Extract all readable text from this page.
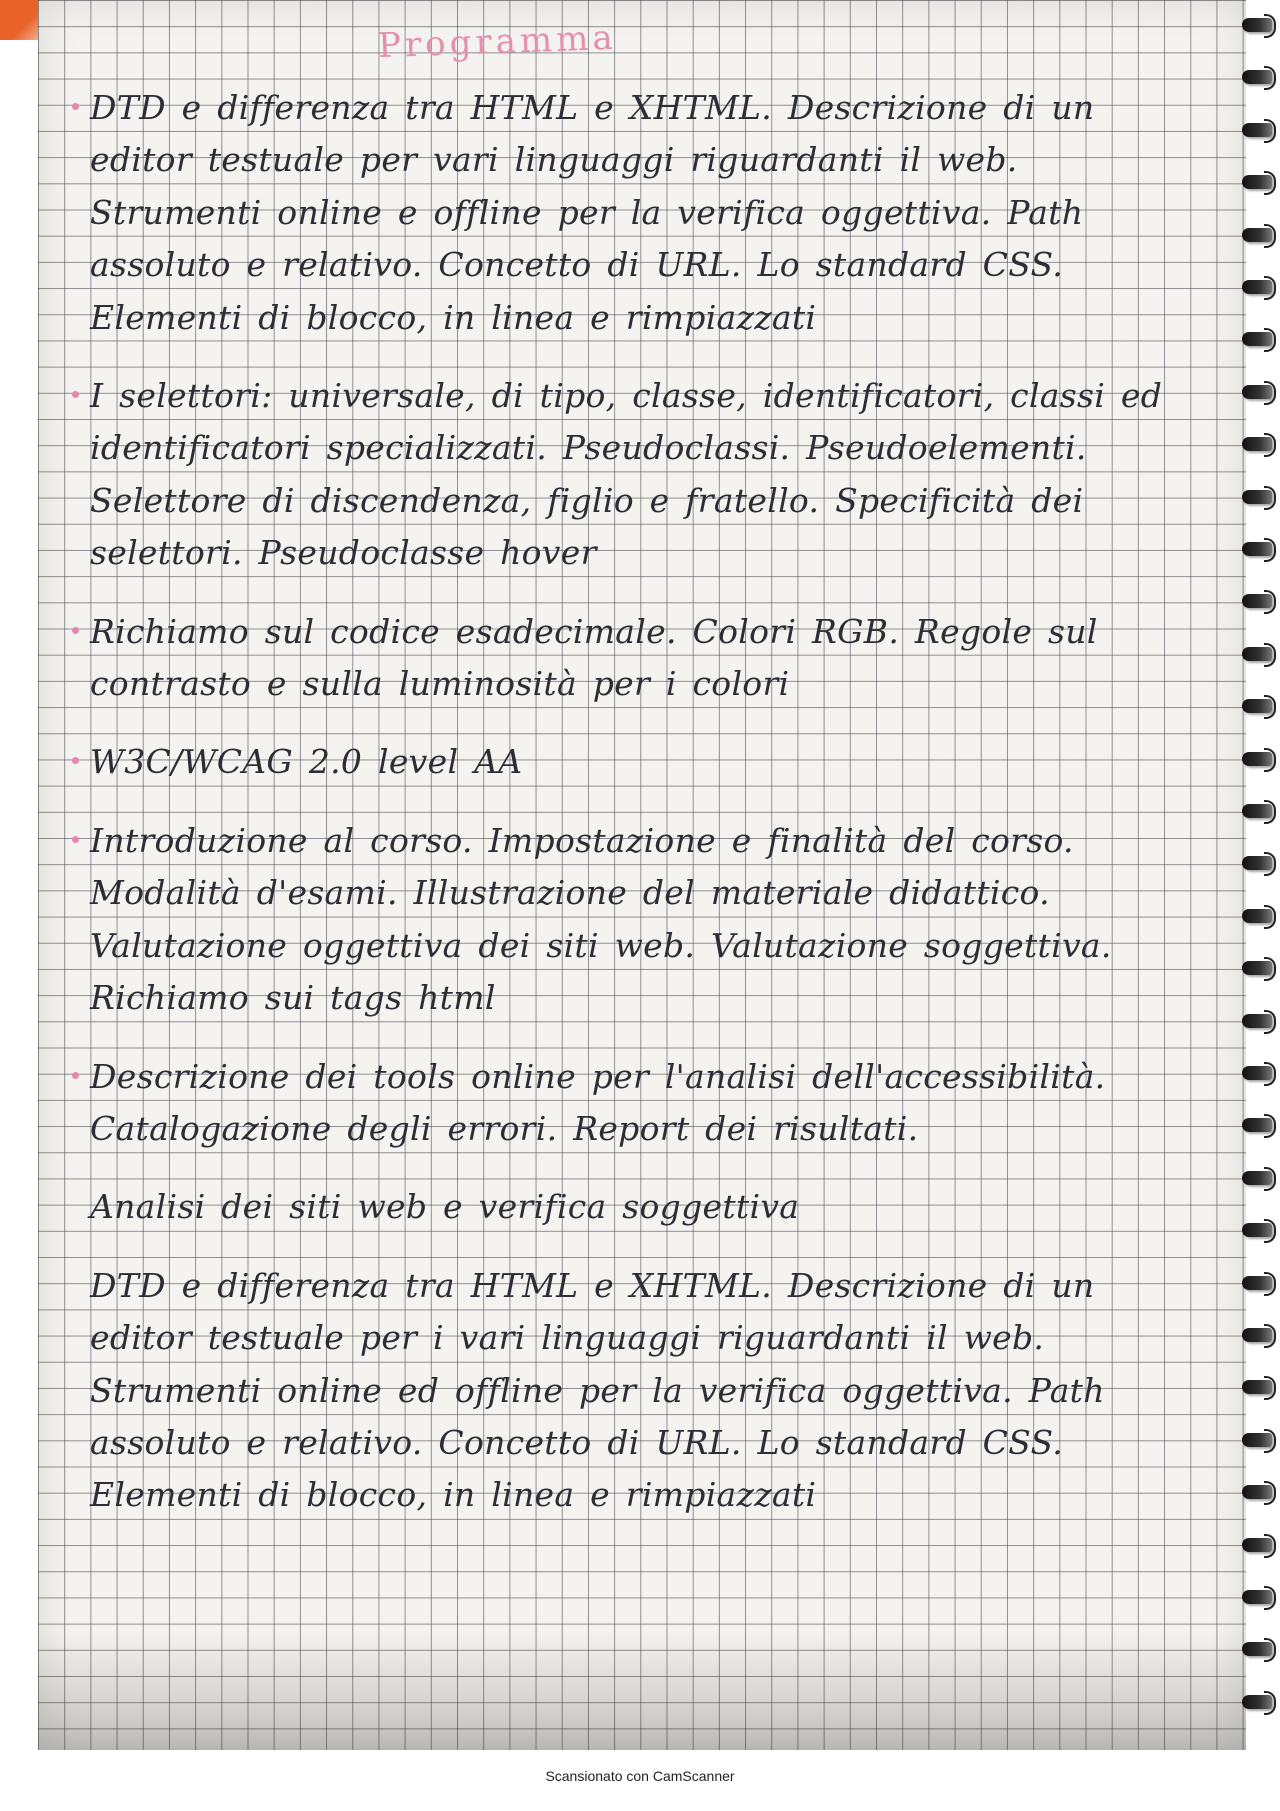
Programma

DTD e differenza tra HTML e XHTML. Descrizione di un editor testuale per vari linguaggi riguardanti il web. Strumenti online e offline per la verifica oggettiva. Path assoluto e relativo. Concetto di URL. Lo standard CSS. Elementi di blocco, in linea e rimpiazzati

I selettori: universale, di tipo, classe, identificatori, classi ed identificatori specializzati. Pseudoclassi. Pseudoelementi. Selettore di discendenza, figlio e fratello. Specificità dei selettori. Pseudoclasse hover

Richiamo sul codice esadecimale. Colori RGB. Regole sul contrasto e sulla luminosità per i colori

W3C/WCAG 2.0 level AA

Introduzione al corso. Impostazione e finalità del corso. Modalità d'esami. Illustrazione del materiale didattico. Valutazione oggettiva dei siti web. Valutazione soggettiva. Richiamo sui tags html

Descrizione dei tools online per l'analisi dell'accessibilità. Catalogazione degli errori. Report dei risultati.

Analisi dei siti web e verifica soggettiva

DTD e differenza tra HTML e XHTML. Descrizione di un editor testuale per i vari linguaggi riguardanti il web. Strumenti online ed offline per la verifica oggettiva. Path assoluto e relativo. Concetto di URL. Lo standard CSS. Elementi di blocco, in linea e rimpiazzati

Scansionato con CamScanner
